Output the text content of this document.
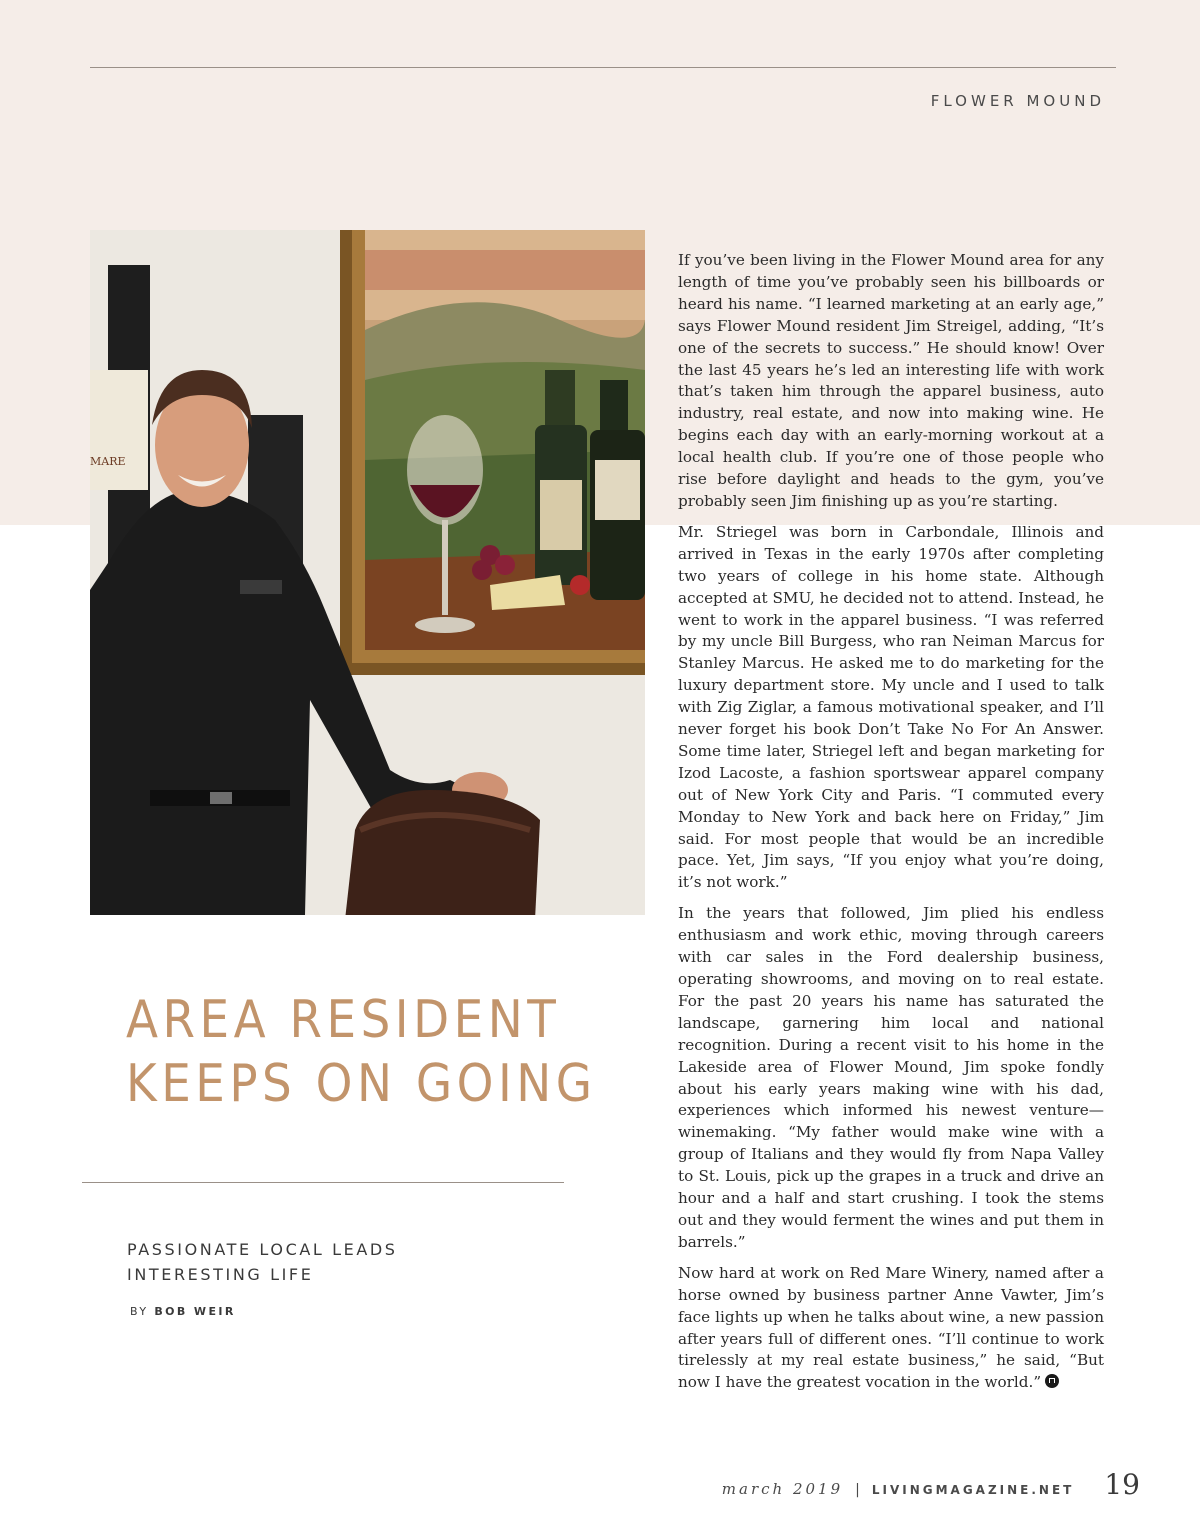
FLOWER MOUND
MARE
AREA RESIDENT
KEEPS ON GOING

PASSIONATE LOCAL LEADS
INTERESTING LIFE

BY BOB WEIR

If you’ve been living in the Flower Mound area for any length of time you’ve probably seen his billboards or heard his name. “I learned marketing at an early age,” says Flower Mound resident Jim Streigel, adding, “It’s one of the secrets to success.” He should know! Over the last 45 years he’s led an interesting life with work that’s taken him through the apparel business, auto industry, real estate, and now into making wine. He begins each day with an early-morning workout at a local health club. If you’re one of those people who rise before daylight and heads to the gym, you’ve probably seen Jim finishing up as you’re starting.

Mr. Striegel was born in Carbondale, Illinois and arrived in Texas in the early 1970s after completing two years of college in his home state. Although accepted at SMU, he decided not to attend. Instead, he went to work in the apparel business. “I was referred by my uncle Bill Burgess, who ran Neiman Marcus for Stanley Marcus. He asked me to do marketing for the luxury department store. My uncle and I used to talk with Zig Ziglar, a famous motivational speaker, and I’ll never forget his book Don’t Take No For An Answer. Some time later, Striegel left and began marketing for Izod Lacoste, a fashion sportswear apparel company out of New York City and Paris. “I commuted every Monday to New York and back here on Friday,” Jim said. For most people that would be an incredible pace. Yet, Jim says, “If you enjoy what you’re doing, it’s not work.”

In the years that followed, Jim plied his endless enthusiasm and work ethic, moving through careers with car sales in the Ford dealership business, operating showrooms, and moving on to real estate. For the past 20 years his name has saturated the landscape, garnering him local and national recognition. During a recent visit to his home in the Lakeside area of Flower Mound, Jim spoke fondly about his early years making wine with his dad, experiences which informed his newest venture—winemaking. “My father would make wine with a group of Italians and they would fly from Napa Valley to St. Louis, pick up the grapes in a truck and drive an hour and a half and start crushing. I took the stems out and they would ferment the wines and put them in barrels.”

Now hard at work on Red Mare Winery, named after a horse owned by business partner Anne Vawter, Jim’s face lights up when he talks about wine, a new passion after years full of different ones. “I’ll continue to work tirelessly at my real estate business,” he said, “But now I have the greatest vocation in the world.”

march 2019 | LIVINGMAGAZINE.NET 19
